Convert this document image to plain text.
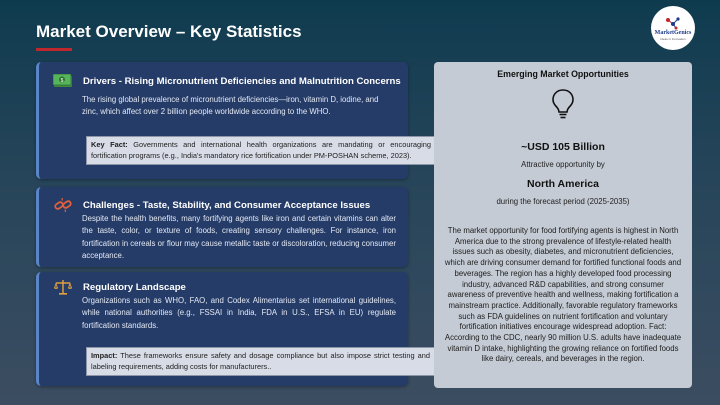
Market Overview – Key Statistics	MarketGenics
Ideas in Innovation
$ Drivers - Rising Micronutrient Deficiencies and Malnutrition Concerns
The rising global prevalence of micronutrient deficiencies—iron, vitamin D, iodine, and zinc, which affect over 2 billion people worldwide according to the WHO.
Key Fact: Governments and international health organizations are mandating or encouraging fortification programs (e.g., India's mandatory rice fortification under PM-POSHAN scheme, 2023).
Challenges - Taste, Stability, and Consumer Acceptance Issues
Despite the health benefits, many fortifying agents like iron and certain vitamins can alter the taste, color, or texture of foods, creating sensory challenges. For instance, iron fortification in cereals or flour may cause metallic taste or discoloration, reducing consumer acceptance.
Regulatory Landscape
Organizations such as WHO, FAO, and Codex Alimentarius set international guidelines, while national authorities (e.g., FSSAI in India, FDA in U.S., EFSA in EU) regulate fortification standards.
Impact: These frameworks ensure safety and dosage compliance but also impose strict testing and labeling requirements, adding costs for manufacturers..
Emerging Market Opportunities
~USD 105 Billion
Attractive opportunity by
North America
during the forecast period (2025-2035)
The market opportunity for food fortifying agents is highest in North America due to the strong prevalence of lifestyle-related health issues such as obesity, diabetes, and micronutrient deficiencies, which are driving consumer demand for fortified functional foods and beverages. The region has a highly developed food processing industry, advanced R&D capabilities, and strong consumer awareness of preventive health and wellness, making fortification a mainstream practice. Additionally, favorable regulatory frameworks such as FDA guidelines on nutrient fortification and voluntary fortification initiatives encourage widespread adoption. Fact: According to the CDC, nearly 90 million U.S. adults have inadequate vitamin D intake, highlighting the growing reliance on fortified foods like dairy, cereals, and beverages in the region.
